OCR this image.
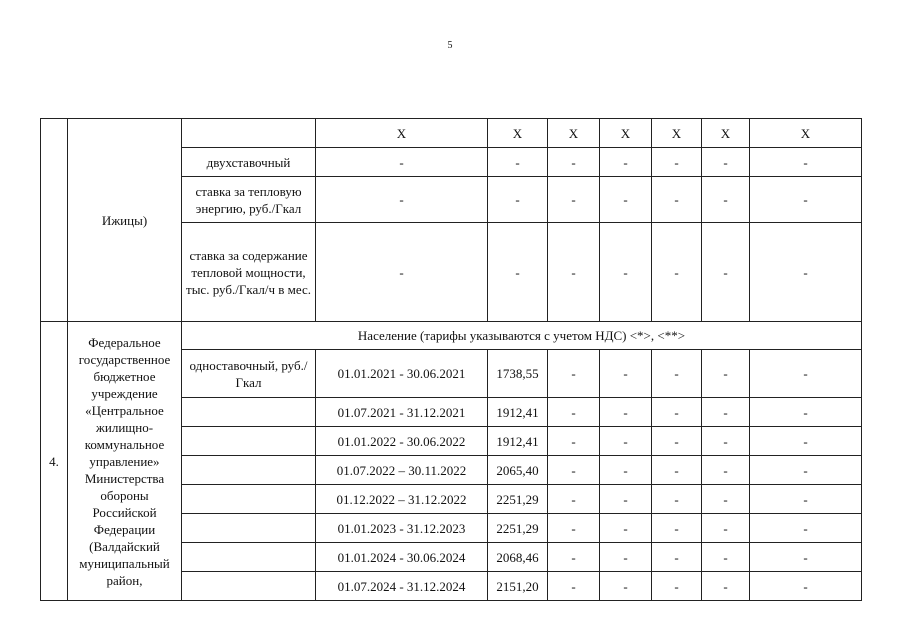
5
	Ижицы)		X	X	X	X	X	X	X
		двухставочный	-	-	-	-	-	-	-
		ставка за тепловую энергию, руб./Гкал	-	-	-	-	-	-	-
		ставка за содержание тепловой мощности, тыс. руб./Гкал/ч в мес.	-	-	-	-	-	-	-
4.	Федеральное государственное бюджетное учреждение «Центральное жилищно-коммунальное управление» Министерства обороны Российской Федерации (Валдайский муниципальный район,	Население (тарифы указываются с учетом НДС) <*>, <**>							
		одноставочный, руб./Гкал	01.01.2021 - 30.06.2021	1738,55	-	-	-	-	-
			01.07.2021 - 31.12.2021	1912,41	-	-	-	-	-
			01.01.2022 - 30.06.2022	1912,41	-	-	-	-	-
			01.07.2022 – 30.11.2022	2065,40	-	-	-	-	-
			01.12.2022 – 31.12.2022	2251,29	-	-	-	-	-
			01.01.2023 - 31.12.2023	2251,29	-	-	-	-	-
			01.01.2024 - 30.06.2024	2068,46	-	-	-	-	-
			01.07.2024 - 31.12.2024	2151,20	-	-	-	-	-
